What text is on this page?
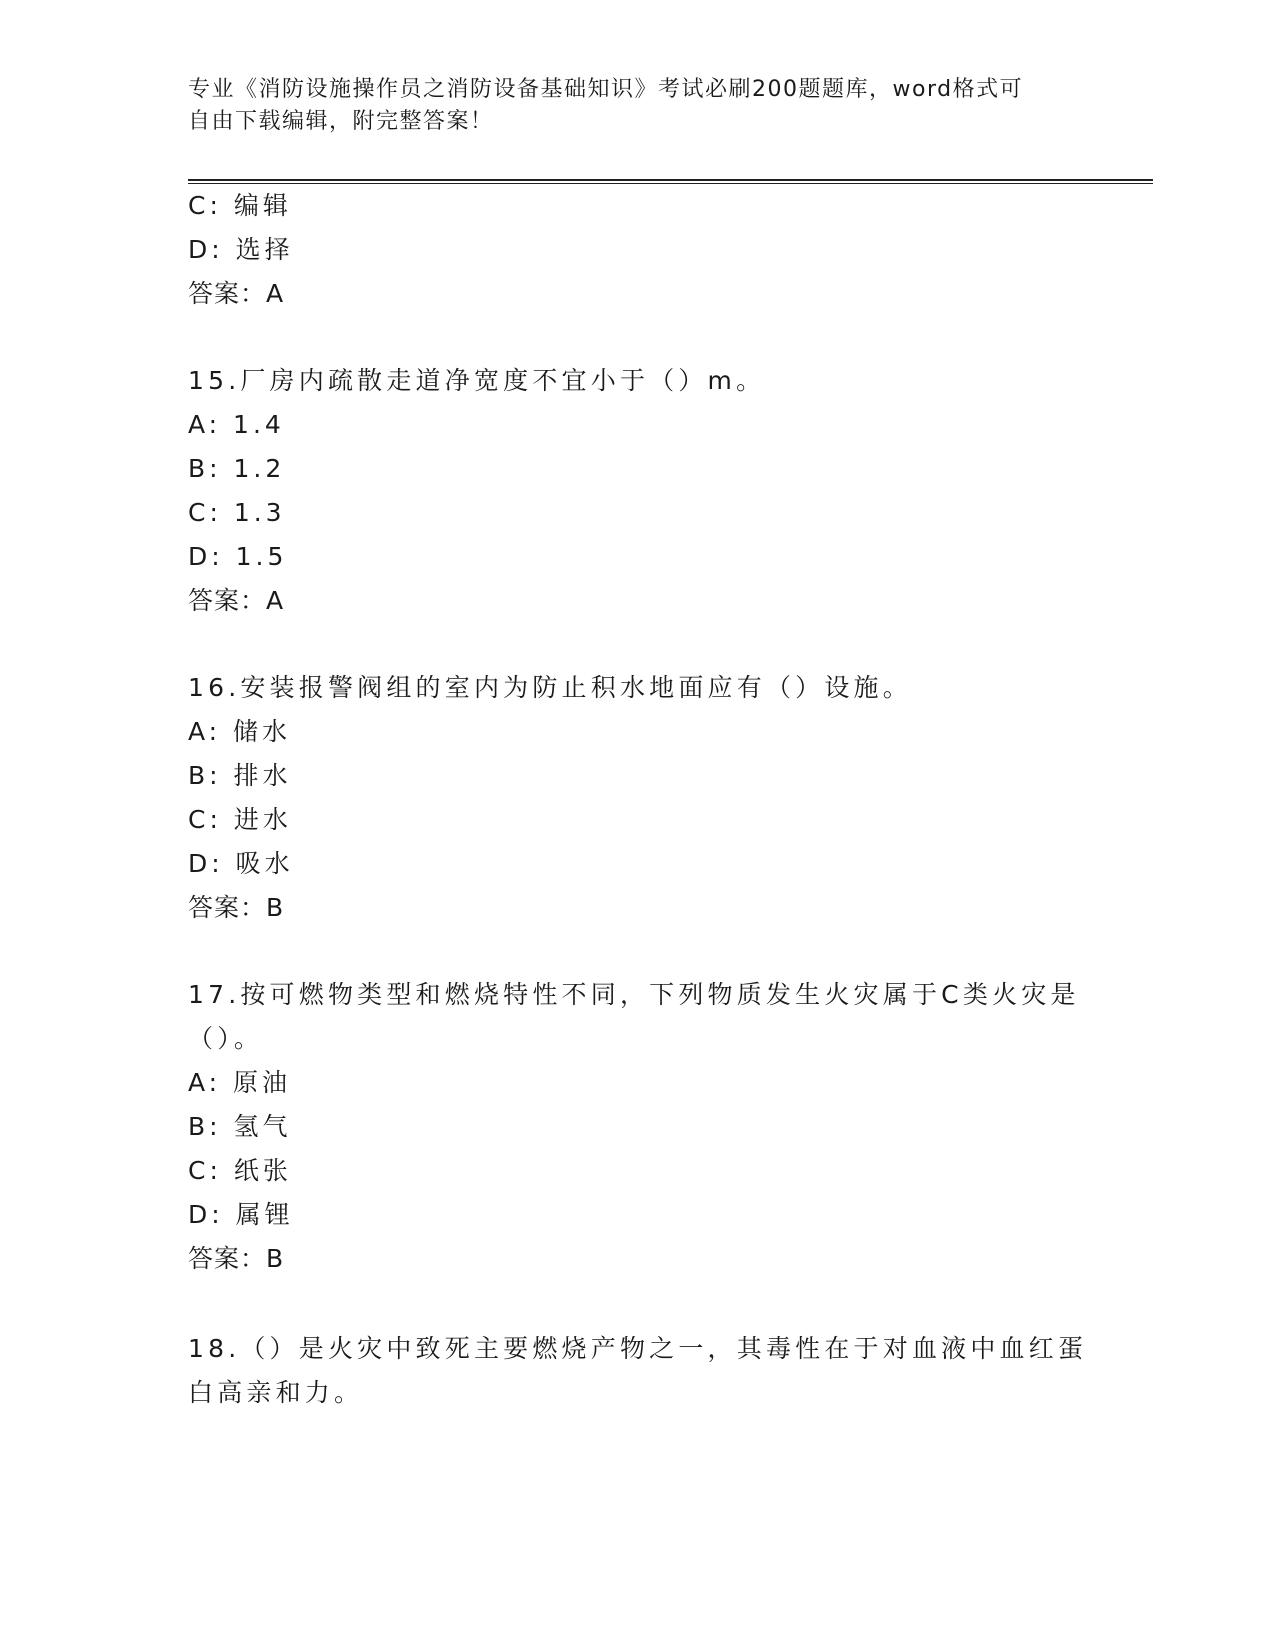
专业《消防设施操作员之消防设备基础知识》考试必刷200题题库，word格式可
自由下载编辑，附完整答案！
C: 编辑
D: 选择
答案：A
15.厂房内疏散走道净宽度不宜小于（）m。
A: 1.4
B: 1.2
C: 1.3
D: 1.5
答案：A
16.安装报警阀组的室内为防止积水地面应有（）设施。
A: 储水
B: 排水
C: 进水
D: 吸水
答案：B
17.按可燃物类型和燃烧特性不同，下列物质发生火灾属于C类火灾是
（）。
A: 原油
B: 氢气
C: 纸张
D: 属锂
答案：B
18.（）是火灾中致死主要燃烧产物之一，其毒性在于对血液中血红蛋
白高亲和力。
